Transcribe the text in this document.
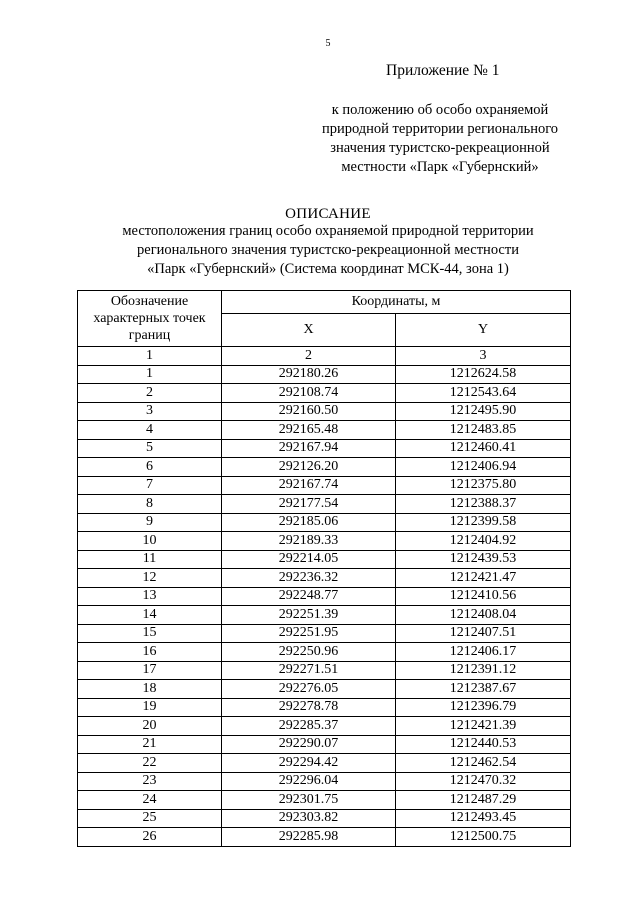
5
Приложение № 1
к положению об особо охраняемой
природной территории регионального
значения туристско-рекреационной
местности «Парк «Губернский»
ОПИСАНИЕ
местоположения границ особо охраняемой природной территории
регионального значения туристско-рекреационной местности
«Парк «Губернский» (Система координат МСК-44, зона 1)
Обозначение характерных точек границ	Координаты, м	
	X	Y
1	2	3
1	292180.26	1212624.58
2	292108.74	1212543.64
3	292160.50	1212495.90
4	292165.48	1212483.85
5	292167.94	1212460.41
6	292126.20	1212406.94
7	292167.74	1212375.80
8	292177.54	1212388.37
9	292185.06	1212399.58
10	292189.33	1212404.92
11	292214.05	1212439.53
12	292236.32	1212421.47
13	292248.77	1212410.56
14	292251.39	1212408.04
15	292251.95	1212407.51
16	292250.96	1212406.17
17	292271.51	1212391.12
18	292276.05	1212387.67
19	292278.78	1212396.79
20	292285.37	1212421.39
21	292290.07	1212440.53
22	292294.42	1212462.54
23	292296.04	1212470.32
24	292301.75	1212487.29
25	292303.82	1212493.45
26	292285.98	1212500.75
